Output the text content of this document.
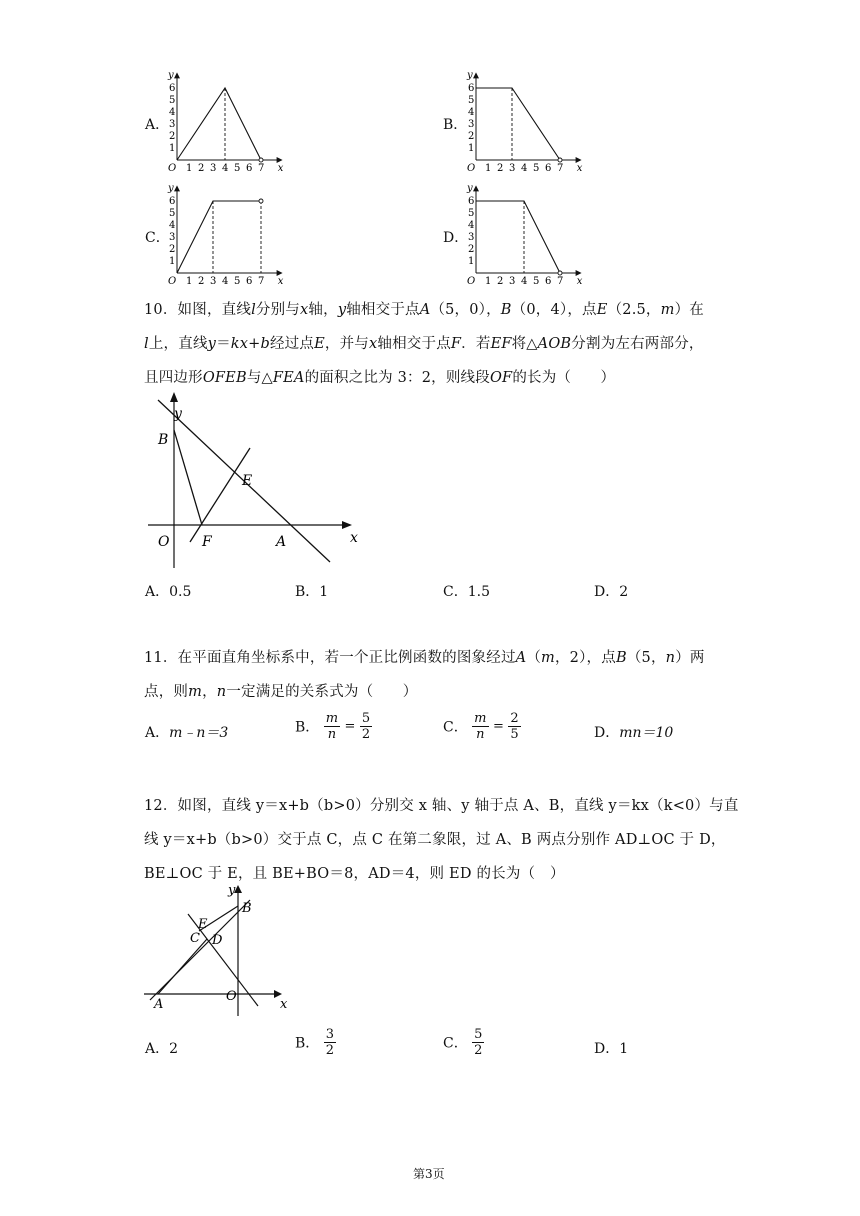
A．	B．
C．	D．
1
2
3
4
5
6
1 2 3 4 5 6 7
O
y
x
1
2
3
4
5
6
1 2 3 4 5 6 7
O
y
x
1
2
3
4
5
6
1 2 3 4 5 6 7
O
y
x
1
2
3
4
5
6
1 2 3 4 5 6 7
O
y
x
10．如图，直线l分别与x轴，y轴相交于点A（5，0），B（0，4），点E（2.5，m）在
l上，直线y＝kx+b经过点E，并与x轴相交于点F．若EF将△AOB分割为左右两部分，
且四边形OFEB与△FEA的面积之比为 3：2，则线段OF的长为（　　）
y
x
B
E
O F	A
A．0.5	B．1	C．1.5	D．2
11．在平面直角坐标系中，若一个正比例函数的图象经过A（m，2），点B（5，n）两
点，则m，n一定满足的关系式为（　　）
A．m﹣n＝3	B． $\frac{m}{n} = \frac{5}{2}$	C． $\frac{m}{n} = \frac{2}{5}$	D．mn＝10
12．如图，直线 y＝x+b（b>0）分别交 x 轴、y 轴于点 A、B，直线 y＝kx（k<0）与直
线 y＝x+b（b>0）交于点 C，点 C 在第二象限，过 A、B 两点分别作 AD⊥OC 于 D，
BE⊥OC 于 E，且 BE+BO＝8，AD＝4，则 ED 的长为（　）
y
x
B
E
C D
A
O
A．2	B． $\frac{3}{2}$	C． $\frac{5}{2}$	D．1
第3页
